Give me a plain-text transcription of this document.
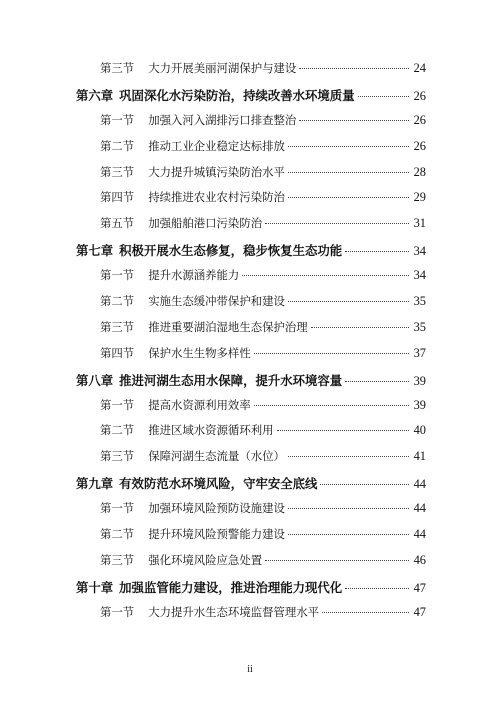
第三节 大力开展美丽河湖保护与建设	24
第六章 巩固深化水污染防治，持续改善水环境质量	26
第一节 加强入河入湖排污口排查整治	26
第二节 推动工业企业稳定达标排放	26
第三节 大力提升城镇污染防治水平	28
第四节 持续推进农业农村污染防治	29
第五节 加强船舶港口污染防治	31
第七章 积极开展水生态修复，稳步恢复生态功能	34
第一节 提升水源涵养能力	34
第二节 实施生态缓冲带保护和建设	35
第三节 推进重要湖泊湿地生态保护治理	35
第四节 保护水生生物多样性	37
第八章 推进河湖生态用水保障，提升水环境容量	39
第一节 提高水资源利用效率	39
第二节 推进区域水资源循环利用	40
第三节 保障河湖生态流量（水位）	41
第九章 有效防范水环境风险，守牢安全底线	44
第一节 加强环境风险预防设施建设	44
第二节 提升环境风险预警能力建设	44
第三节 强化环境风险应急处置	46
第十章 加强监管能力建设，推进治理能力现代化	47
第一节 大力提升水生态环境监督管理水平	47
ii
